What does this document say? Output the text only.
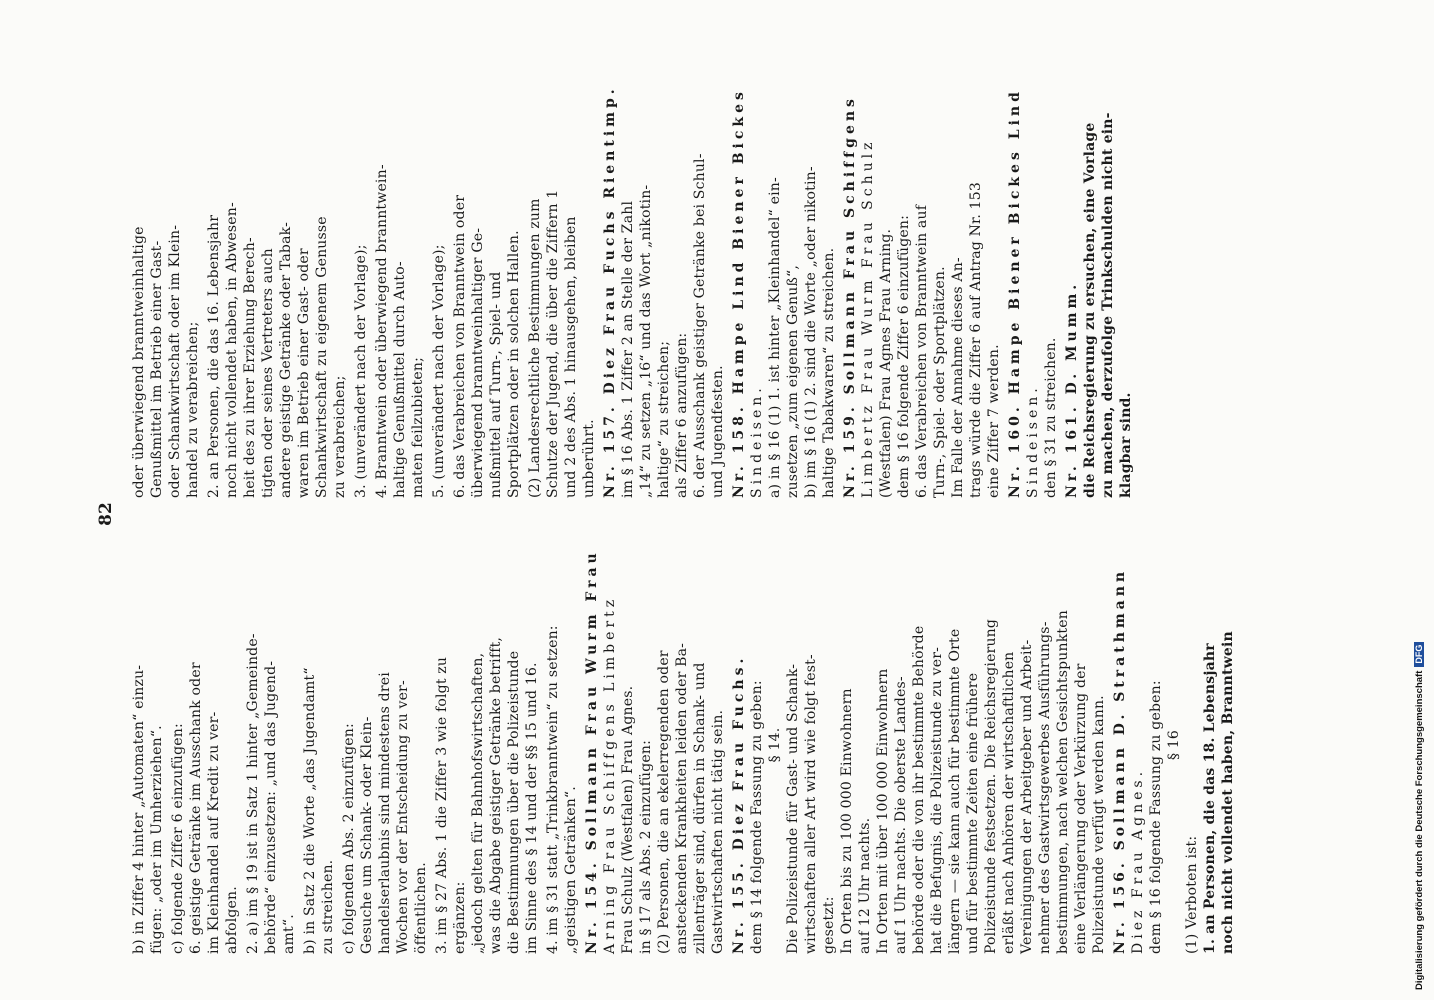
82
b) in Ziffer 4 hinter „Automaten“ einzu- fügen: „oder im Umherziehen“. c) folgende Ziffer 6 einzufügen: 6. geistige Getränke im Ausschank oder im Kleinhandel auf Kredit zu ver- abfolgen. 2. a) im § 19 ist in Satz 1 hinter „Gemeinde- behörde“ einzusetzen: „und das Jugend- amt“. b) in Satz 2 die Worte „das Jugendamt“ zu streichen. c) folgenden Abs. 2 einzufügen: Gesuche um Schank- oder Klein- handelserlaubnis sind mindestens drei Wochen vor der Entscheidung zu ver- öffentlichen. 3. im § 27 Abs. 1 die Ziffer 3 wie folgt zu ergänzen: „jedoch gelten für Bahnhofswirtschaften, was die Abgabe geistiger Getränke betrifft, die Bestimmungen über die Polizeistunde im Sinne des § 14 und der §§ 15 und 16. 4. im § 31 statt „Trinkbranntwein“ zu setzen: „geistigen Getränken“. Nr. 154. Sollmann Frau Wurm Frau Arning Frau Schiffgens Limbertz Frau Schulz (Westfalen) Frau Agnes. in § 17 als Abs. 2 einzufügen: (2) Personen, die an ekelerregenden oder ansteckenden Krankheiten leiden oder Ba- zillenträger sind, dürfen in Schank- und Gastwirtschaften nicht tätig sein. Nr. 155. Diez Frau Fuchs. dem § 14 folgende Fassung zu geben: § 14. Die Polizeistunde für Gast- und Schank- wirtschaften aller Art wird wie folgt fest- gesetzt: In Orten bis zu 100 000 Einwohnern auf 12 Uhr nachts. In Orten mit über 100 000 Einwohnern auf 1 Uhr nachts. Die oberste Landes- behörde oder die von ihr bestimmte Behörde hat die Befugnis, die Polizeistunde zu ver- längern — sie kann auch für bestimmte Orte und für bestimmte Zeiten eine frühere Polizeistunde festsetzen. Die Reichsregierung erläßt nach Anhören der wirtschaftlichen Vereinigungen der Arbeitgeber und Arbeit- nehmer des Gastwirtsgewerbes Ausführungs- bestimmungen, nach welchen Gesichtspunkten eine Verlängerung oder Verkürzung der Polizeistunde verfügt werden kann. Nr. 156. Sollmann D. Strathmann Diez Frau Agnes. dem § 16 folgende Fassung zu geben: § 16
(1) Verboten ist: 1. an Personen, die das 18. Lebensjahr noch nicht vollendet haben, Branntwein
oder überwiegend branntweinhaltige Genußmittel im Betrieb einer Gast- oder Schankwirtschaft oder im Klein- handel zu verabreichen; 2. an Personen, die das 16. Lebensjahr noch nicht vollendet haben, in Abwesen- heit des zu ihrer Erziehung Berech- tigten oder seines Vertreters auch andere geistige Getränke oder Tabak- waren im Betrieb einer Gast- oder Schankwirtschaft zu eigenem Genusse zu verabreichen; 3. (unverändert nach der Vorlage); 4. Branntwein oder überwiegend branntwein- haltige Genußmittel durch Auto- maten feilzubieten; 5. (unverändert nach der Vorlage); 6. das Verabreichen von Branntwein oder überwiegend branntweinhaltiger Ge- nußmittel auf Turn-, Spiel- und Sportplätzen oder in solchen Hallen. (2) Landesrechtliche Bestimmungen zum Schutze der Jugend, die über die Ziffern 1 und 2 des Abs. 1 hinausgehen, bleiben unberührt. Nr. 157. Diez Frau Fuchs Rientimp. im § 16 Abs. 1 Ziffer 2 an Stelle der Zahl „14“ zu setzen „16“ und das Wort „nikotin- haltige“ zu streichen; als Ziffer 6 anzufügen: 6. der Ausschank geistiger Getränke bei Schul- und Jugendfesten. Nr. 158. Hampe Lind Biener Bickes Sindeisen. a) in § 16 (1) 1. ist hinter „Kleinhandel“ ein- zusetzen „zum eigenen Genuß“, b) im § 16 (1) 2. sind die Worte „oder nikotin- haltige Tabakwaren“ zu streichen. Nr. 159. Sollmann Frau Schiffgens Limbertz Frau Wurm Frau Schulz (Westfalen) Frau Agnes Frau Arning. dem § 16 folgende Ziffer 6 einzufügen: 6. das Verabreichen von Branntwein auf Turn-, Spiel- oder Sportplätzen. Im Falle der Annahme dieses An- trags würde die Ziffer 6 auf Antrag Nr. 153 eine Ziffer 7 werden. Nr. 160. Hampe Biener Bickes Lind Sindeisen. den § 31 zu streichen. Nr. 161. D. Mumm. die Reichsregierung zu ersuchen, eine Vorlage zu machen, derzufolge Trinkschulden nicht ein- klagbar sind.
Digitalisierung gefördert durch die Deutsche ForschungsgemeinschaftDFG
